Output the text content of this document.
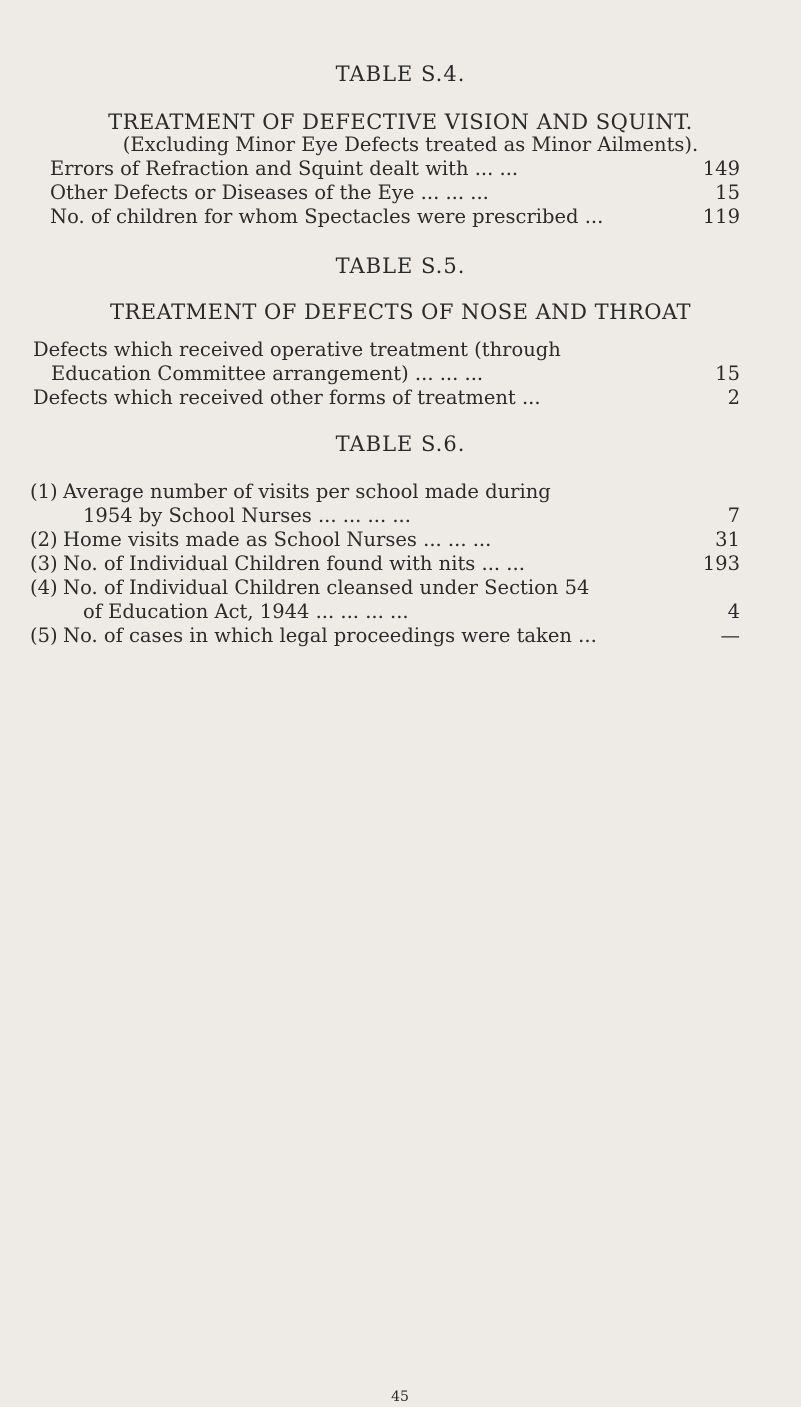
TABLE S.4.
TREATMENT OF DEFECTIVE VISION AND SQUINT.
(Excluding Minor Eye Defects treated as Minor Ailments).
Errors of Refraction and Squint dealt with ... ...	149
Other Defects or Diseases of the Eye ... ... ...	15
No. of children for whom Spectacles were prescribed ...	119
TABLE S.5.
TREATMENT OF DEFECTS OF NOSE AND THROAT
Defects which received operative treatment (through
Education Committee arrangement) ... ... ...	15
Defects which received other forms of treatment ...	2
TABLE S.6.
(1) Average number of visits per school made during
1954 by School Nurses ... ... ... ...	7
(2) Home visits made as School Nurses ... ... ...	31
(3) No. of Individual Children found with nits ... ...	193
(4) No. of Individual Children cleansed under Section 54
of Education Act, 1944 ... ... ... ...	4
(5) No. of cases in which legal proceedings were taken ...	—
45
